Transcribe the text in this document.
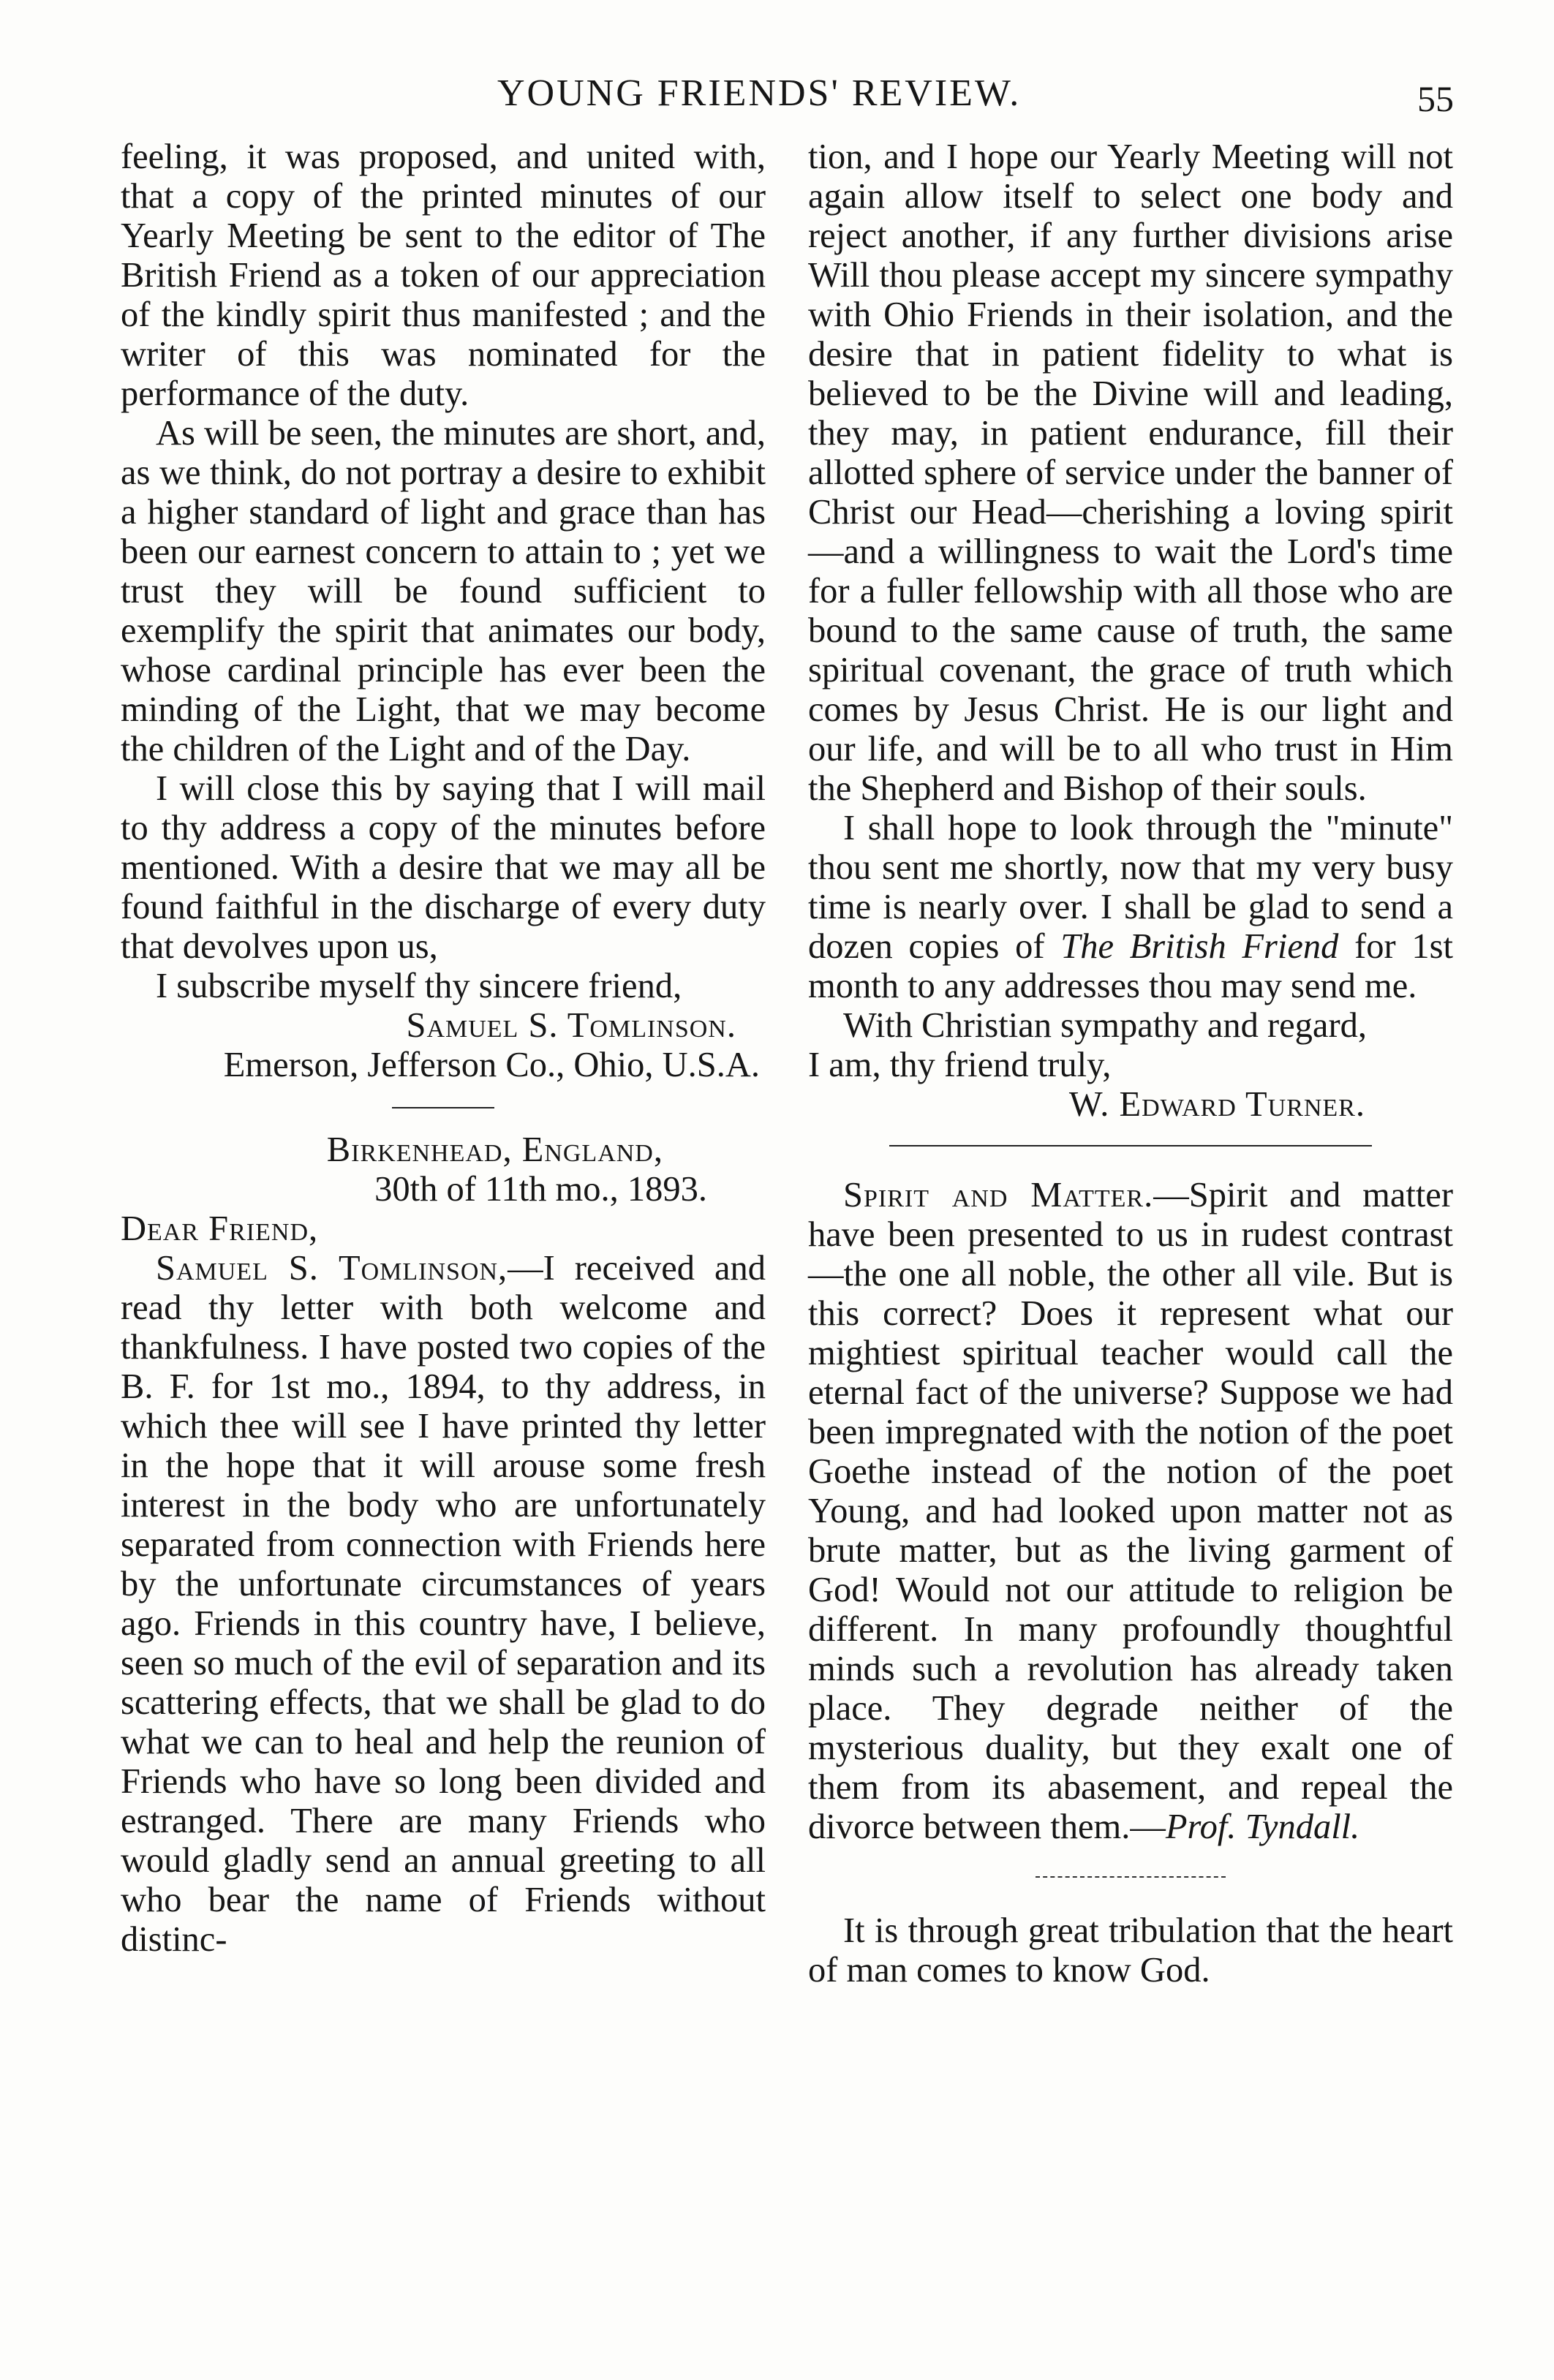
YOUNG FRIENDS' REVIEW.	55

feeling, it was proposed, and united with, that a copy of the printed minutes of our Yearly Meeting be sent to the editor of The British Friend as a token of our appreciation of the kindly spirit thus manifested ; and the writer of this was nominated for the performance of the duty.

As will be seen, the minutes are short, and, as we think, do not portray a desire to exhibit a higher standard of light and grace than has been our earnest concern to attain to ; yet we trust they will be found sufficient to exemplify the spirit that animates our body, whose cardinal principle has ever been the minding of the Light, that we may become the children of the Light and of the Day.

I will close this by saying that I will mail to thy address a copy of the minutes before mentioned. With a desire that we may all be found faithful in the discharge of every duty that devolves upon us,

I subscribe myself thy sincere friend,

Samuel S. Tomlinson.

Emerson, Jefferson Co., Ohio, U.S.A.

Birkenhead, England,

30th of 11th mo., 1893.

Dear Friend,

Samuel S. Tomlinson,—I received and read thy letter with both welcome and thankfulness. I have posted two copies of the B. F. for 1st mo., 1894, to thy address, in which thee will see I have printed thy letter in the hope that it will arouse some fresh interest in the body who are unfortunately separated from connection with Friends here by the unfortunate circumstances of years ago. Friends in this country have, I believe, seen so much of the evil of separation and its scattering effects, that we shall be glad to do what we can to heal and help the reunion of Friends who have so long been divided and estranged. There are many Friends who would gladly send an annual greeting to all who bear the name of Friends without distinc-

tion, and I hope our Yearly Meeting will not again allow itself to select one body and reject another, if any further divisions arise Will thou please accept my sincere sympathy with Ohio Friends in their isolation, and the desire that in patient fidelity to what is believed to be the Divine will and leading, they may, in patient endurance, fill their allotted sphere of service under the banner of Christ our Head—cherishing a loving spirit—and a willingness to wait the Lord's time for a fuller fellowship with all those who are bound to the same cause of truth, the same spiritual covenant, the grace of truth which comes by Jesus Christ. He is our light and our life, and will be to all who trust in Him the Shepherd and Bishop of their souls.

I shall hope to look through the "minute" thou sent me shortly, now that my very busy time is nearly over. I shall be glad to send a dozen copies of The British Friend for 1st month to any addresses thou may send me.

With Christian sympathy and regard,

I am, thy friend truly,

W. Edward Turner.

Spirit and Matter.—Spirit and matter have been presented to us in rudest contrast—the one all noble, the other all vile. But is this correct? Does it represent what our mightiest spiritual teacher would call the eternal fact of the universe? Suppose we had been impregnated with the notion of the poet Goethe instead of the notion of the poet Young, and had looked upon matter not as brute matter, but as the living garment of God! Would not our attitude to religion be different. In many profoundly thoughtful minds such a revolution has already taken place. They degrade neither of the mysterious duality, but they exalt one of them from its abasement, and repeal the divorce between them.—Prof. Tyndall.

It is through great tribulation that the heart of man comes to know God.
